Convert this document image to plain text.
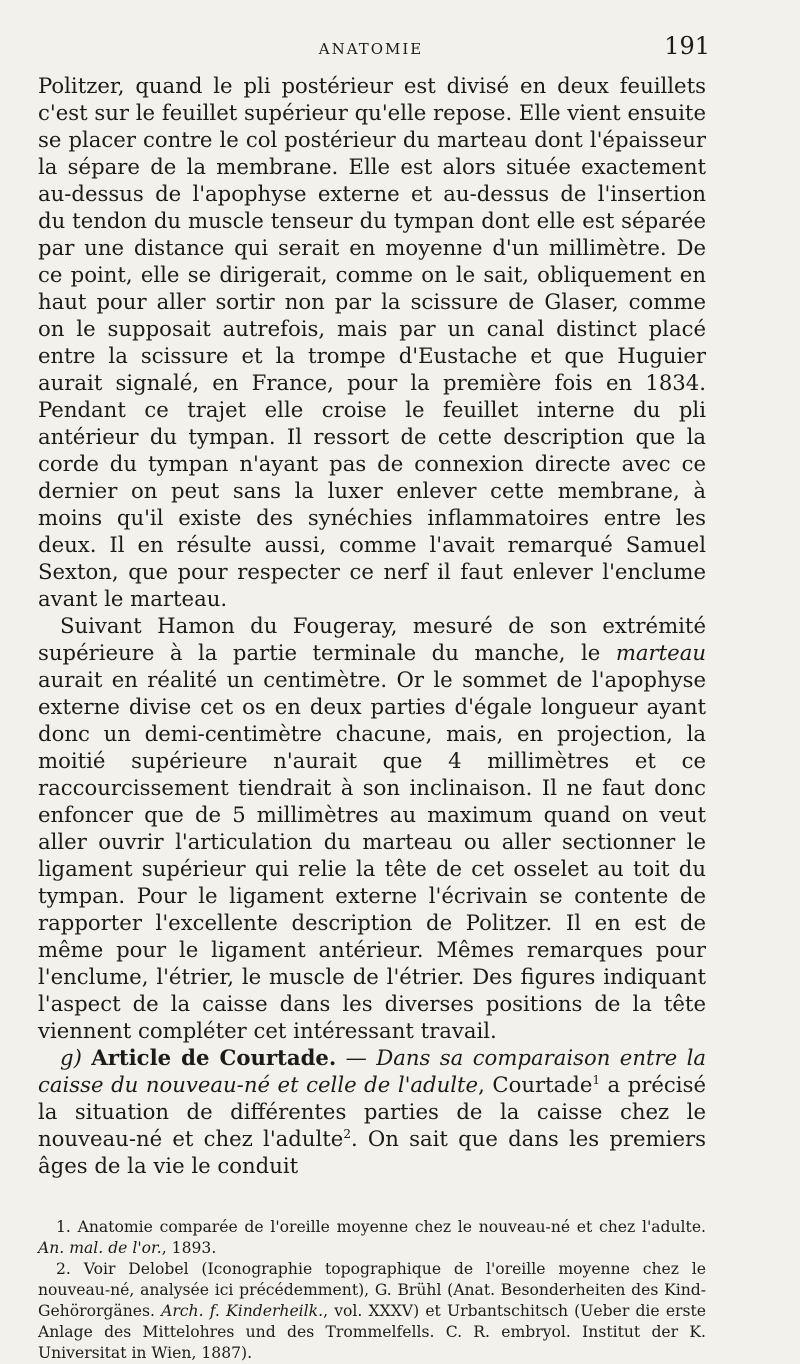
ANATOMIE	191

Politzer, quand le pli postérieur est divisé en deux feuillets c'est sur le feuillet supérieur qu'elle repose. Elle vient ensuite se placer contre le col postérieur du marteau dont l'épaisseur la sépare de la membrane. Elle est alors située exactement au-dessus de l'apophyse externe et au-dessus de l'insertion du tendon du muscle tenseur du tympan dont elle est séparée par une distance qui serait en moyenne d'un millimètre. De ce point, elle se dirigerait, comme on le sait, obliquement en haut pour aller sortir non par la scissure de Glaser, comme on le supposait autrefois, mais par un canal distinct placé entre la scissure et la trompe d'Eustache et que Huguier aurait signalé, en France, pour la première fois en 1834. Pendant ce trajet elle croise le feuillet interne du pli antérieur du tympan. Il ressort de cette description que la corde du tympan n'ayant pas de connexion directe avec ce dernier on peut sans la luxer enlever cette membrane, à moins qu'il existe des synéchies inflammatoires entre les deux. Il en résulte aussi, comme l'avait remarqué Samuel Sexton, que pour respecter ce nerf il faut enlever l'enclume avant le marteau.

Suivant Hamon du Fougeray, mesuré de son extrémité supérieure à la partie terminale du manche, le marteau aurait en réalité un centimètre. Or le sommet de l'apophyse externe divise cet os en deux parties d'égale longueur ayant donc un demi-centimètre chacune, mais, en projection, la moitié supérieure n'aurait que 4 millimètres et ce raccourcissement tiendrait à son inclinaison. Il ne faut donc enfoncer que de 5 millimètres au maximum quand on veut aller ouvrir l'articulation du marteau ou aller sectionner le ligament supérieur qui relie la tête de cet osselet au toit du tympan. Pour le ligament externe l'écrivain se contente de rapporter l'excellente description de Politzer. Il en est de même pour le ligament antérieur. Mêmes remarques pour l'enclume, l'étrier, le muscle de l'étrier. Des figures indiquant l'aspect de la caisse dans les diverses positions de la tête viennent compléter cet intéressant travail.

g) Article de Courtade. — Dans sa comparaison entre la caisse du nouveau-né et celle de l'adulte, Courtade$^1$ a précisé la situation de différentes parties de la caisse chez le nouveau-né et chez l'adulte$^2$. On sait que dans les premiers âges de la vie le conduit

1. Anatomie comparée de l'oreille moyenne chez le nouveau-né et chez l'adulte. An. mal. de l'or., 1893.

2. Voir Delobel (Iconographie topographique de l'oreille moyenne chez le nouveau-né, analysée ici précédemment), G. Brühl (Anat. Besonderheiten des Kind-Gehörorgänes. Arch. f. Kinderheilk., vol. XXXV) et Urbantschitsch (Ueber die erste Anlage des Mittelohres und des Trommelfells. C. R. embryol. Institut der K. Universitat in Wien, 1887).
